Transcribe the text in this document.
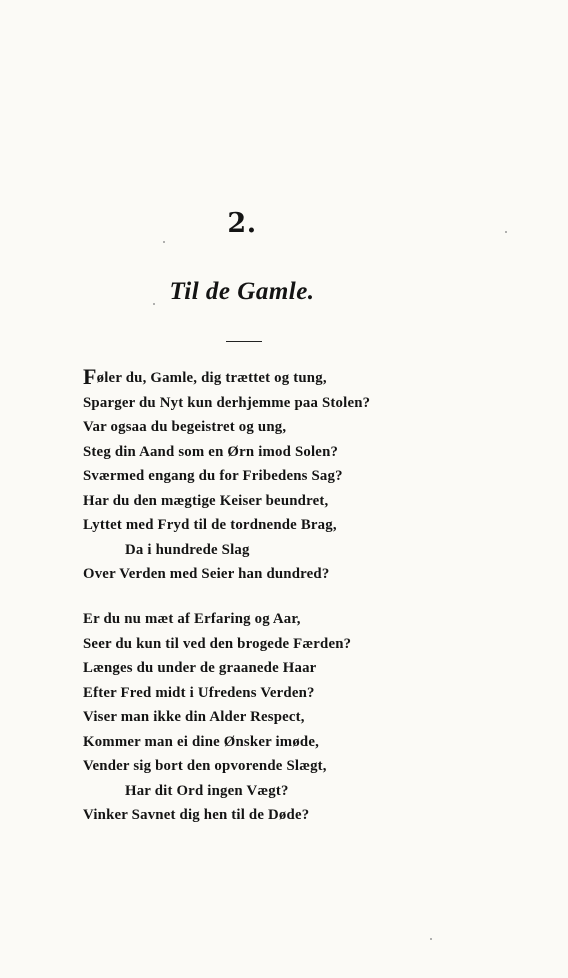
2.
Til de Gamle.
Føler du, Gamle, dig trættet og tung,
Sparger du Nyt kun derhjemme paa Stolen?
Var ogsaa du begeistret og ung,
Steg din Aand som en Ørn imod Solen?
Sværmed engang du for Fribedens Sag?
Har du den mægtige Keiser beundret,
Lyttet med Fryd til de tordnende Brag,
Da i hundrede Slag
Over Verden med Seier han dundred?
Er du nu mæt af Erfaring og Aar,
Seer du kun til ved den brogede Færden?
Længes du under de graanede Haar
Efter Fred midt i Ufredens Verden?
Viser man ikke din Alder Respect,
Kommer man ei dine Ønsker imøde,
Vender sig bort den opvorende Slægt,
Har dit Ord ingen Vægt?
Vinker Savnet dig hen til de Døde?
